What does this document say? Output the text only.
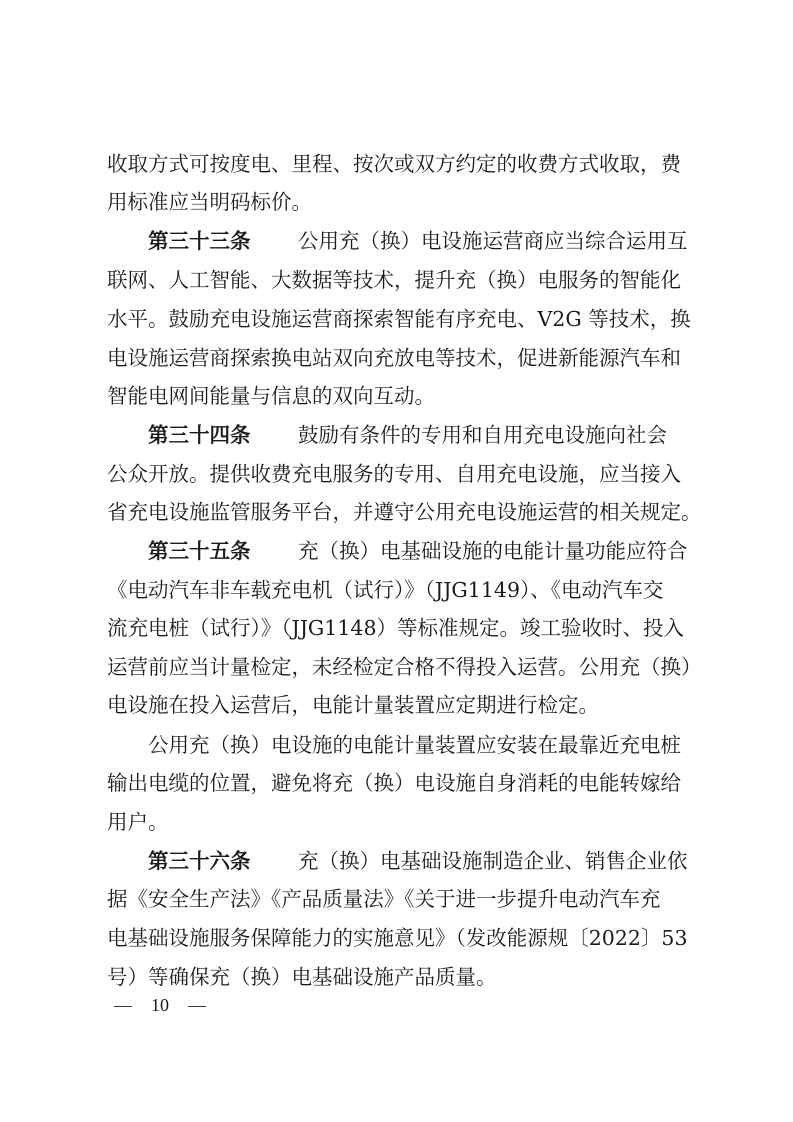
收取方式可按度电、里程、按次或双方约定的收费方式收取，费
用标准应当明码标价。
第三十三条 公用充（换）电设施运营商应当综合运用互
联网、人工智能、大数据等技术，提升充（换）电服务的智能化
水平。鼓励充电设施运营商探索智能有序充电、V2G 等技术，换
电设施运营商探索换电站双向充放电等技术，促进新能源汽车和
智能电网间能量与信息的双向互动。
第三十四条 鼓励有条件的专用和自用充电设施向社会
公众开放。提供收费充电服务的专用、自用充电设施，应当接入
省充电设施监管服务平台，并遵守公用充电设施运营的相关规定。
第三十五条 充（换）电基础设施的电能计量功能应符合
《电动汽车非车载充电机（试行）》（JJG1149）、《电动汽车交
流充电桩（试行）》（JJG1148）等标准规定。竣工验收时、投入
运营前应当计量检定，未经检定合格不得投入运营。公用充（换）
电设施在投入运营后，电能计量装置应定期进行检定。
公用充（换）电设施的电能计量装置应安装在最靠近充电桩
输出电缆的位置，避免将充（换）电设施自身消耗的电能转嫁给
用户。
第三十六条 充（换）电基础设施制造企业、销售企业依
据《安全生产法》《产品质量法》《关于进一步提升电动汽车充
电基础设施服务保障能力的实施意见》（发改能源规〔2022〕53
号）等确保充（换）电基础设施产品质量。
— 10 —
